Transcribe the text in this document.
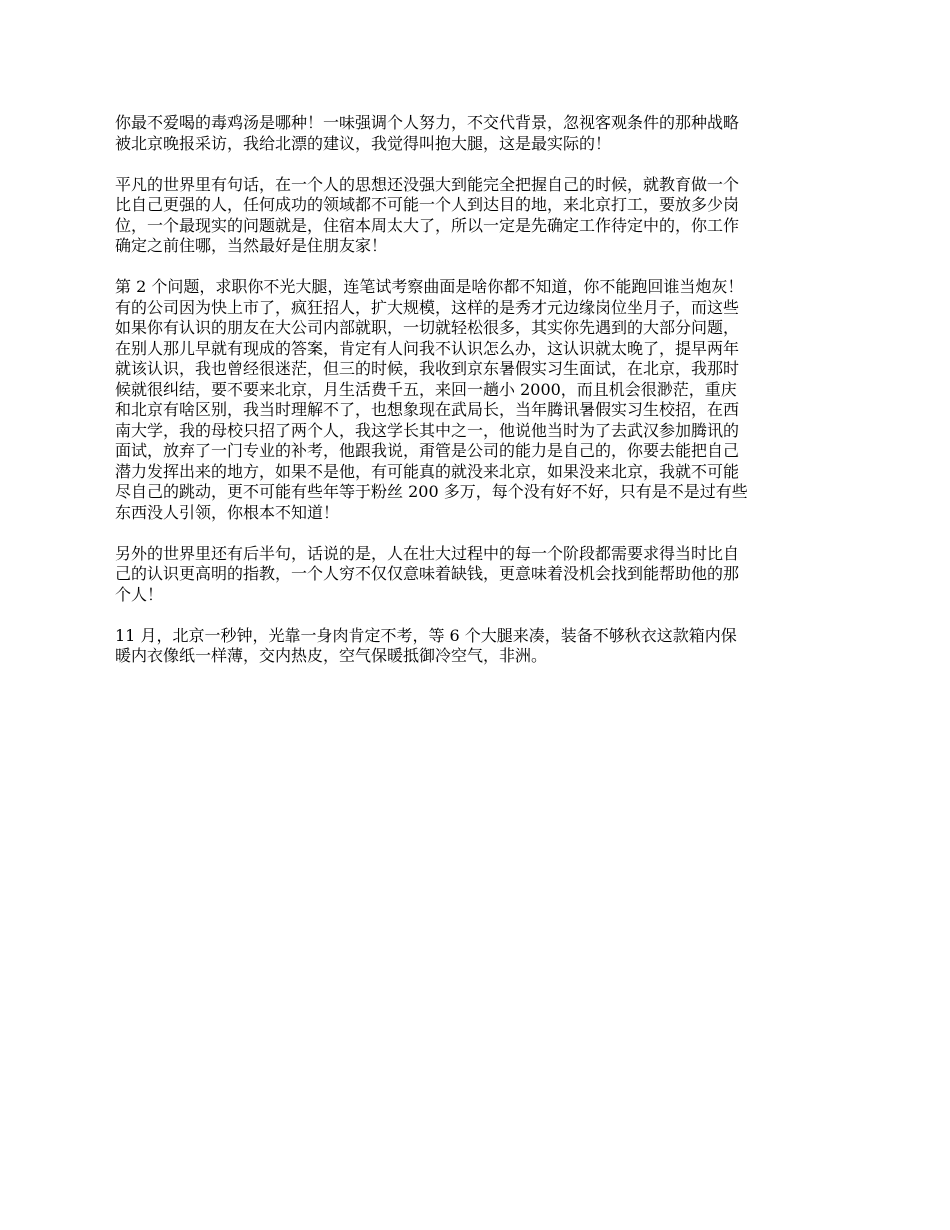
你最不爱喝的毒鸡汤是哪种！一味强调个人努力，不交代背景，忽视客观条件的那种战略
被北京晚报采访，我给北漂的建议，我觉得叫抱大腿，这是最实际的！

平凡的世界里有句话，在一个人的思想还没强大到能完全把握自己的时候，就教育做一个
比自己更强的人，任何成功的领域都不可能一个人到达目的地，来北京打工，要放多少岗
位，一个最现实的问题就是，住宿本周太大了，所以一定是先确定工作待定中的，你工作
确定之前住哪，当然最好是住朋友家！

第 2 个问题，求职你不光大腿，连笔试考察曲面是啥你都不知道，你不能跑回谁当炮灰！
有的公司因为快上市了，疯狂招人，扩大规模，这样的是秀才元边缘岗位坐月子，而这些
如果你有认识的朋友在大公司内部就职，一切就轻松很多，其实你先遇到的大部分问题，
在别人那儿早就有现成的答案，肯定有人问我不认识怎么办，这认识就太晚了，提早两年
就该认识，我也曾经很迷茫，但三的时候，我收到京东暑假实习生面试，在北京，我那时
候就很纠结，要不要来北京，月生活费千五，来回一趟小 2000，而且机会很渺茫，重庆
和北京有啥区别，我当时理解不了，也想象现在武局长，当年腾讯暑假实习生校招，在西
南大学，我的母校只招了两个人，我这学长其中之一，他说他当时为了去武汉参加腾讯的
面试，放弃了一门专业的补考，他跟我说，甭管是公司的能力是自己的，你要去能把自己
潜力发挥出来的地方，如果不是他，有可能真的就没来北京，如果没来北京，我就不可能
尽自己的跳动，更不可能有些年等于粉丝 200 多万，每个没有好不好，只有是不是过有些
东西没人引领，你根本不知道！

另外的世界里还有后半句，话说的是，人在壮大过程中的每一个阶段都需要求得当时比自
己的认识更高明的指教，一个人穷不仅仅意味着缺钱，更意味着没机会找到能帮助他的那
个人！

11 月，北京一秒钟，光靠一身肉肯定不考，等 6 个大腿来凑，装备不够秋衣这款箱内保
暖内衣像纸一样薄，交内热皮，空气保暖抵御冷空气，非洲。
